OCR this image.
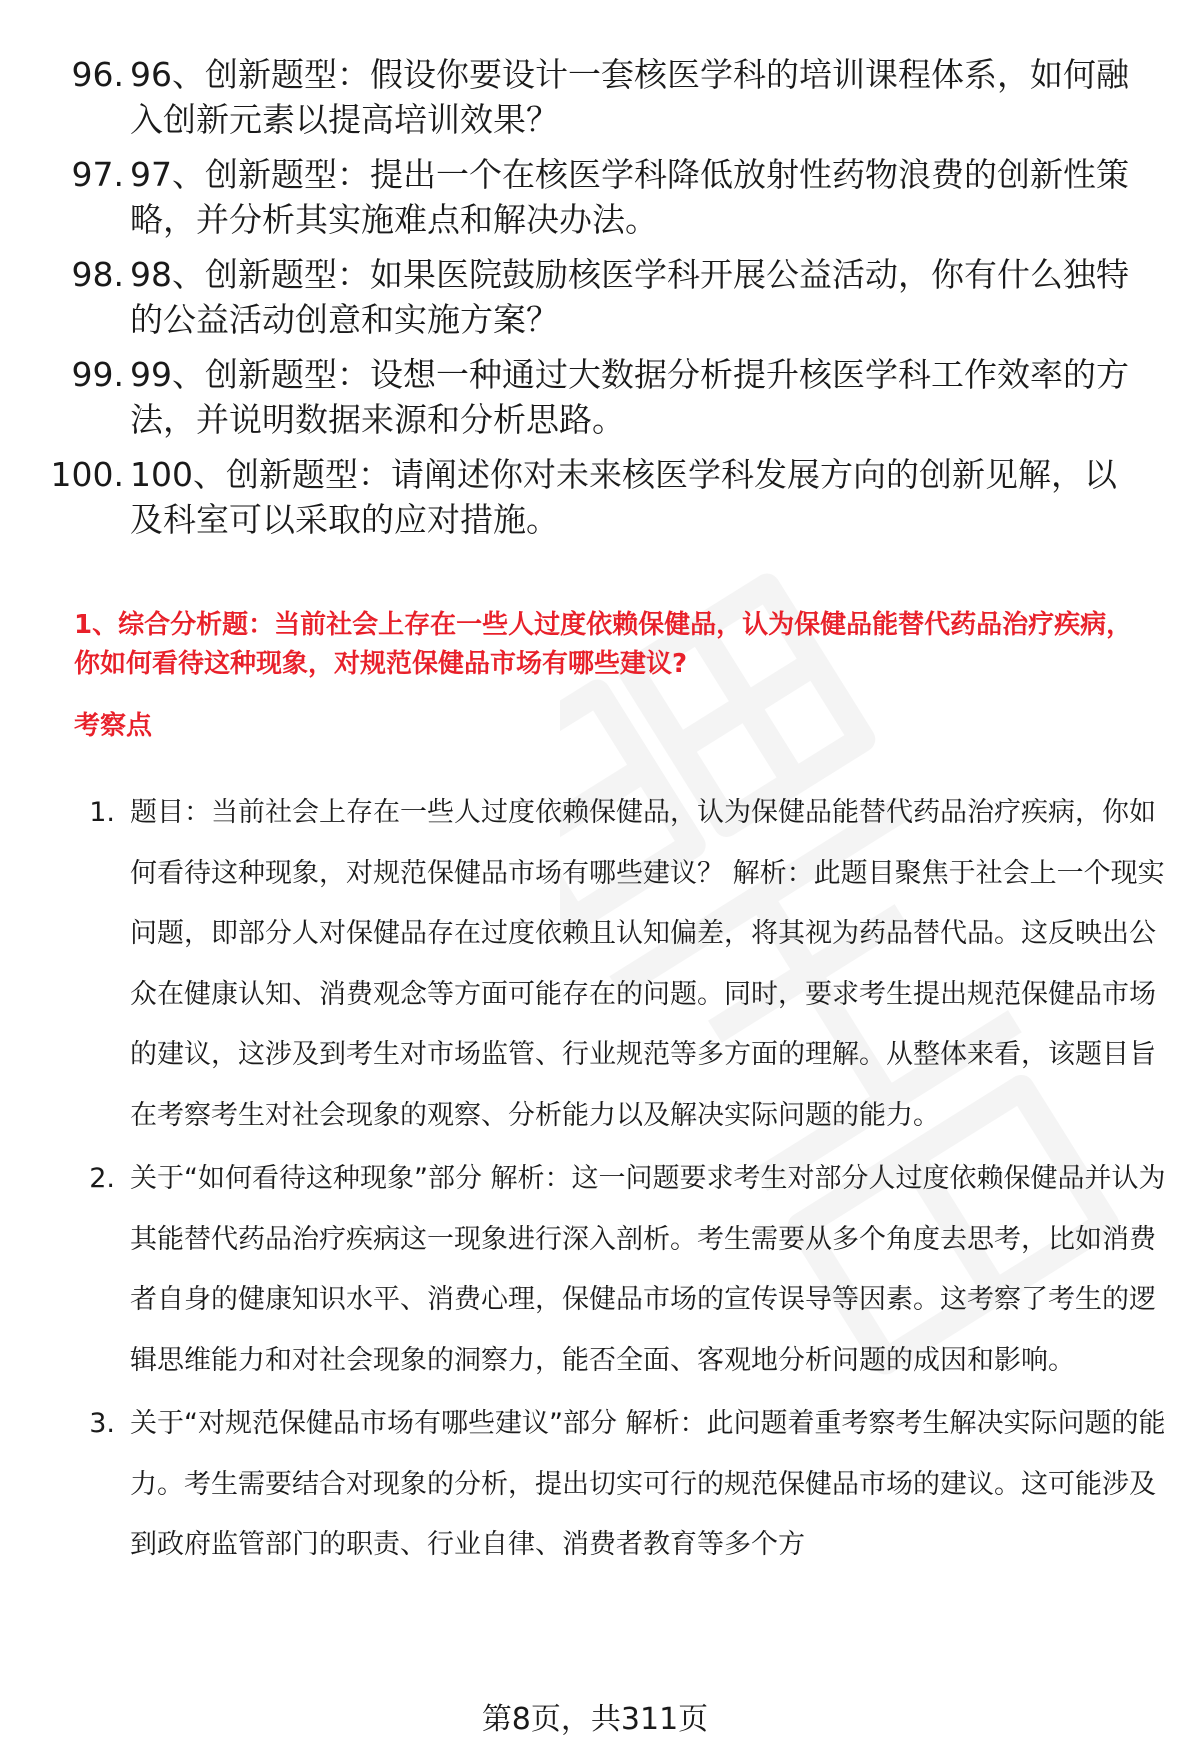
96. 96、创新题型：假设你要设计一套核医学科的培训课程体系，如何融入创新元素以提高培训效果？
97. 97、创新题型：提出一个在核医学科降低放射性药物浪费的创新性策略，并分析其实施难点和解决办法。
98. 98、创新题型：如果医院鼓励核医学科开展公益活动，你有什么独特的公益活动创意和实施方案？
99. 99、创新题型：设想一种通过大数据分析提升核医学科工作效率的方法，并说明数据来源和分析思路。
100. 100、创新题型：请阐述你对未来核医学科发展方向的创新见解，以及科室可以采取的应对措施。
1、综合分析题：当前社会上存在一些人过度依赖保健品，认为保健品能替代药品治疗疾病，你如何看待这种现象，对规范保健品市场有哪些建议?
考察点
1. 题目：当前社会上存在一些人过度依赖保健品，认为保健品能替代药品治疗疾病，你如何看待这种现象，对规范保健品市场有哪些建议？ 解析：此题目聚焦于社会上一个现实问题，即部分人对保健品存在过度依赖且认知偏差，将其视为药品替代品。这反映出公众在健康认知、消费观念等方面可能存在的问题。同时，要求考生提出规范保健品市场的建议，这涉及到考生对市场监管、行业规范等多方面的理解。从整体来看，该题目旨在考察考生对社会现象的观察、分析能力以及解决实际问题的能力。
2. 关于“如何看待这种现象”部分 解析：这一问题要求考生对部分人过度依赖保健品并认为其能替代药品治疗疾病这一现象进行深入剖析。考生需要从多个角度去思考，比如消费者自身的健康知识水平、消费心理，保健品市场的宣传误导等因素。这考察了考生的逻辑思维能力和对社会现象的洞察力，能否全面、客观地分析问题的成因和影响。
3. 关于“对规范保健品市场有哪些建议”部分 解析：此问题着重考察考生解决实际问题的能力。考生需要结合对现象的分析，提出切实可行的规范保健品市场的建议。这可能涉及到政府监管部门的职责、行业自律、消费者教育等多个方
第8页，共311页
